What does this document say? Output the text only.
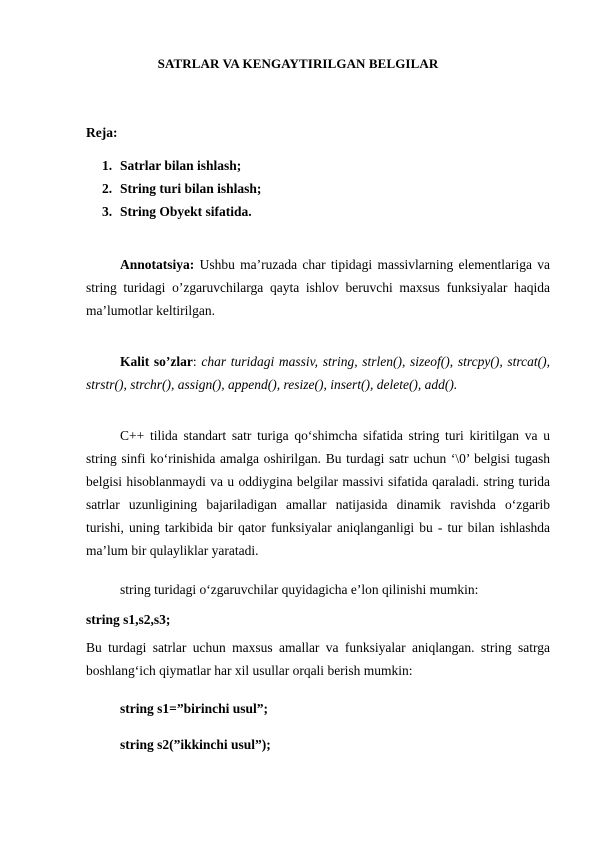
SATRLAR VA KENGAYTIRILGAN BELGILAR
Reja:
1. Satrlar bilan ishlash;
2. String turi bilan ishlash;
3. String Obyekt sifatida.

Annotatsiya: Ushbu ma’ruzada char tipidagi massivlarning elementlariga va string turidagi o’zgaruvchilarga qayta ishlov beruvchi maxsus funksiyalar haqida ma’lumotlar keltirilgan.

Kalit so’zlar: char turidagi massiv, string, strlen(), sizeof(), strcpy(), strcat(), strstr(), strchr(), assign(), append(), resize(), insert(), delete(), add().

C++ tilida standart satr turiga qo‘shimcha sifatida string turi kiritilgan va u string sinfi ko‘rinishida amalga oshirilgan. Bu turdagi satr uchun ‘\0’ belgisi tugash belgisi hisoblanmaydi va u oddiygina belgilar massivi sifatida qaraladi. string turida satrlar uzunligining bajariladigan amallar natijasida dinamik ravishda o‘zgarib turishi, uning tarkibida bir qator funksiyalar aniqlanganligi bu - tur bilan ishlashda ma’lum bir qulayliklar yaratadi.

string turidagi o‘zgaruvchilar quyidagicha e’lon qilinishi mumkin:

string s1,s2,s3;

Bu turdagi satrlar uchun maxsus amallar va funksiyalar aniqlangan. string satrga boshlang‘ich qiymatlar har xil usullar orqali berish mumkin:

string s1=”birinchi usul”;
string s2(”ikkinchi usul”);
